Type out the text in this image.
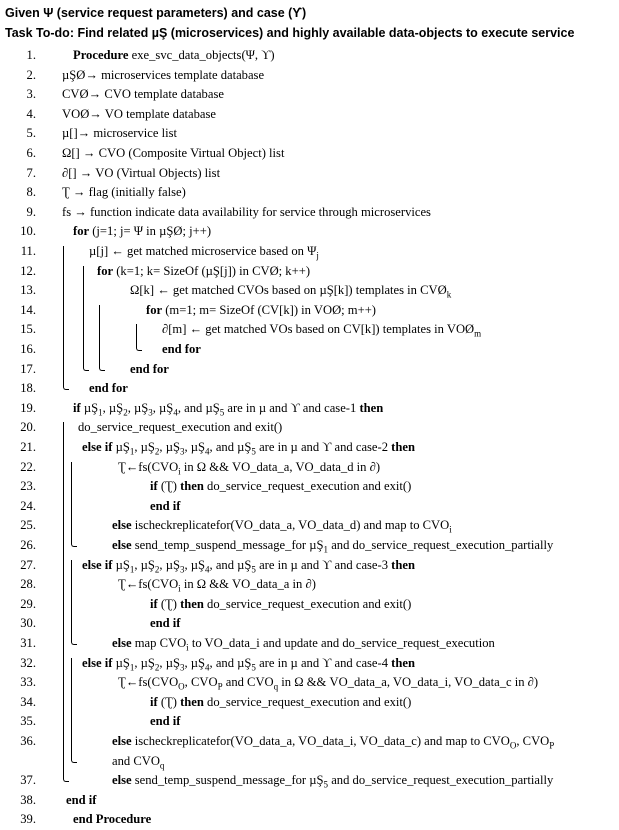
Given Ψ (service request parameters) and case (ϒ)
Task To-do: Find related µŞ (microservices) and highly available data-objects to execute service
1.	Procedure exe_svc_data_objects(Ψ, ϒ)
2. µŞØ→ microservices template database
3. CVØ→ CVO template database
4. VOØ→ VO template database
5. µ[]→ microservice list
6. Ω[] → CVO (Composite Virtual Object) list
7. ∂[] → VO (Virtual Objects) list
8. Ʈ → flag (initially false)
9. fs → function indicate data availability for service through microservices
10.	for (j=1; j= Ψ in µŞØ; j++)
11.	µ[j] ← get matched microservice based on $\Psi_j$
12.	for (k=1; k= SizeOf (µŞ[j]) in CVØ; k++)
13.	Ω[k] ← get matched CVOs based on µŞ[k]) templates in $CVØ_k$
14.	for (m=1; m= SizeOf (CV[k]) in VOØ; m++)
15.	∂[m] ← get matched VOs based on CV[k]) templates in $VOØ_m$
16.	end for
17.	end for
18.	end for
19.	if µŞ$_1$, µŞ$_2$, µŞ$_3$, µŞ$_4$, and µŞ$_5$ are in µ and ϒ and case-1 then
20.	do_service_request_execution and exit()
21.	else if µŞ$_1$, µŞ$_2$, µŞ$_3$, µŞ$_4$, and µŞ$_5$ are in µ and ϒ and case-2 then
22.	$Ʈ\leftarrow fs(CVO_i$ in Ω && VO_data_a, VO_data_d in ∂)
23.	if (Ʈ) then do_service_request_execution and exit()
24.	end if
25.	else ischeckreplicatefor(VO_data_a, VO_data_d) and map to $CVO_i$
26.	else send_temp_suspend_message_for µŞ$_1$ and do_service_request_execution_partially
27.	else if µŞ$_1$, µŞ$_2$, µŞ$_3$, µŞ$_4$, and µŞ$_5$ are in µ and ϒ and case-3 then
28.	$Ʈ\leftarrow fs(CVO_i$ in Ω && VO_data_a in ∂)
29.	if (Ʈ) then do_service_request_execution and exit()
30.	end if
31.	else map $CVO_i$ to VO_data_i and update and do_service_request_execution
32.	else if µŞ$_1$, µŞ$_2$, µŞ$_3$, µŞ$_4$, and µŞ$_5$ are in µ and ϒ and case-4 then
33.	$Ʈ\leftarrow fs(CVO_O$, $CVO_P$ and $CVO_q$ in Ω && VO_data_a, VO_data_i, VO_data_c in ∂)
34.	if (Ʈ) then do_service_request_execution and exit()
35.	end if
36.	else ischeckreplicatefor(VO_data_a, VO_data_i, VO_data_c) and map to $CVO_O$, $CVO_P$
and $CVO_q$
37.	else send_temp_suspend_message_for µŞ$_5$ and do_service_request_execution_partially
38. end if
39.	end Procedure
